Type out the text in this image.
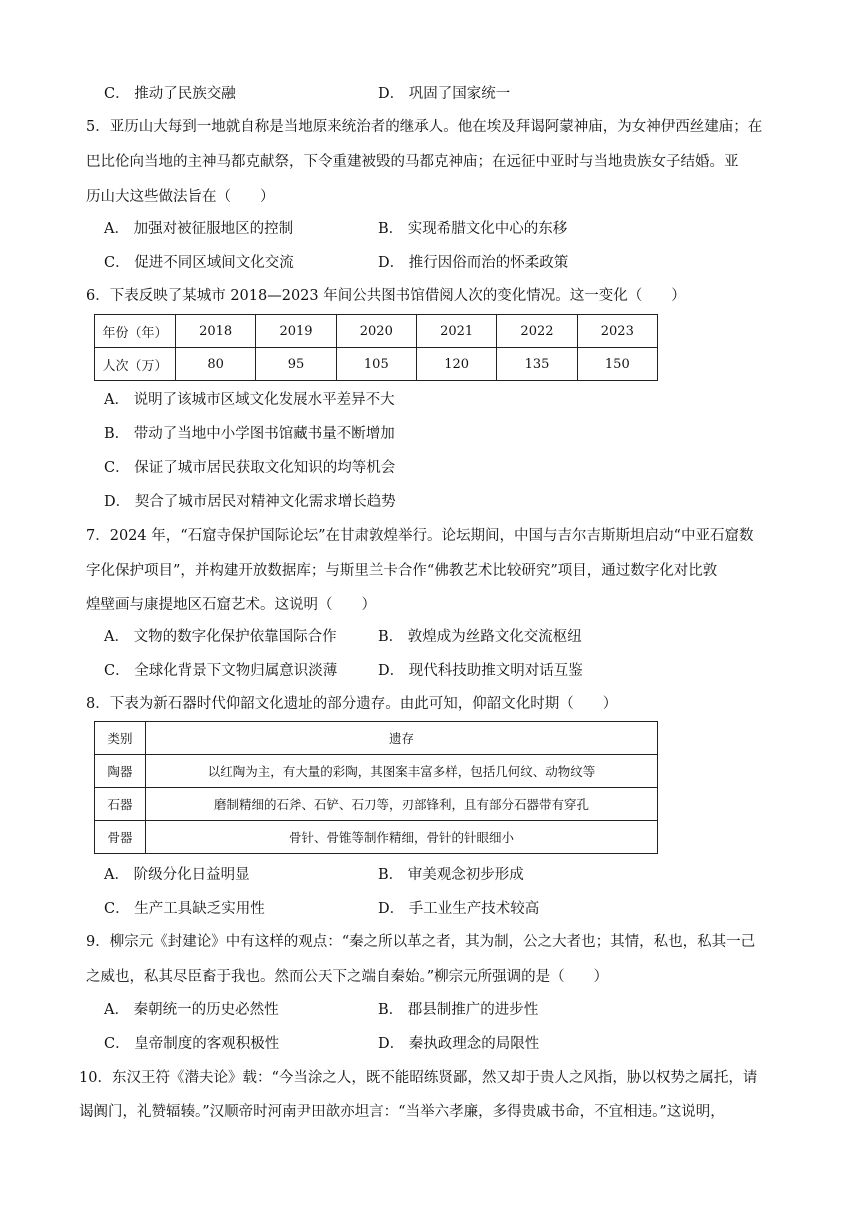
C． 推动了民族交融	D． 巩固了国家统一
5．亚历山大每到一地就自称是当地原来统治者的继承人。他在埃及拜谒阿蒙神庙，为女神伊西丝建庙；在
巴比伦向当地的主神马都克献祭，下令重建被毁的马都克神庙；在远征中亚时与当地贵族女子结婚。亚
历山大这些做法旨在（　　）
A． 加强对被征服地区的控制	B． 实现希腊文化中心的东移
C． 促进不同区域间文化交流	D． 推行因俗而治的怀柔政策
6．下表反映了某城市 2018—2023 年间公共图书馆借阅人次的变化情况。这一变化（　　）
年份（年）	2018	2019	2020	2021	2022	2023
人次（万）	80	95	105	120	135	150
A． 说明了该城市区域文化发展水平差异不大
B． 带动了当地中小学图书馆藏书量不断增加
C． 保证了城市居民获取文化知识的均等机会
D． 契合了城市居民对精神文化需求增长趋势
7．2024 年，“石窟寺保护国际论坛”在甘肃敦煌举行。论坛期间，中国与吉尔吉斯斯坦启动“中亚石窟数
字化保护项目”，并构建开放数据库；与斯里兰卡合作“佛教艺术比较研究”项目，通过数字化对比敦
煌壁画与康提地区石窟艺术。这说明（　　）
A． 文物的数字化保护依靠国际合作	B． 敦煌成为丝路文化交流枢纽
C． 全球化背景下文物归属意识淡薄	D． 现代科技助推文明对话互鉴
8．下表为新石器时代仰韶文化遗址的部分遗存。由此可知，仰韶文化时期（　　）
类别	遗存
陶器	以红陶为主，有大量的彩陶，其图案丰富多样，包括几何纹、动物纹等
石器	磨制精细的石斧、石铲、石刀等，刃部锋利，且有部分石器带有穿孔
骨器	骨针、骨锥等制作精细，骨针的针眼细小
A． 阶级分化日益明显	B． 审美观念初步形成
C． 生产工具缺乏实用性	D． 手工业生产技术较高
9．柳宗元《封建论》中有这样的观点：“秦之所以革之者，其为制，公之大者也；其情，私也，私其一己
之威也，私其尽臣畜于我也。然而公天下之端自秦始。”柳宗元所强调的是（　　）
A． 秦朝统一的历史必然性	B． 郡县制推广的进步性
C． 皇帝制度的客观积极性	D． 秦执政理念的局限性
10．东汉王符《潜夫论》载：“今当涂之人，既不能昭练贤鄙，然又却于贵人之风指，胁以权势之属托，请
谒阗门，礼赞辐辏。”汉顺帝时河南尹田歆亦坦言：“当举六孝廉，多得贵戚书命，不宜相违。”这说明，
